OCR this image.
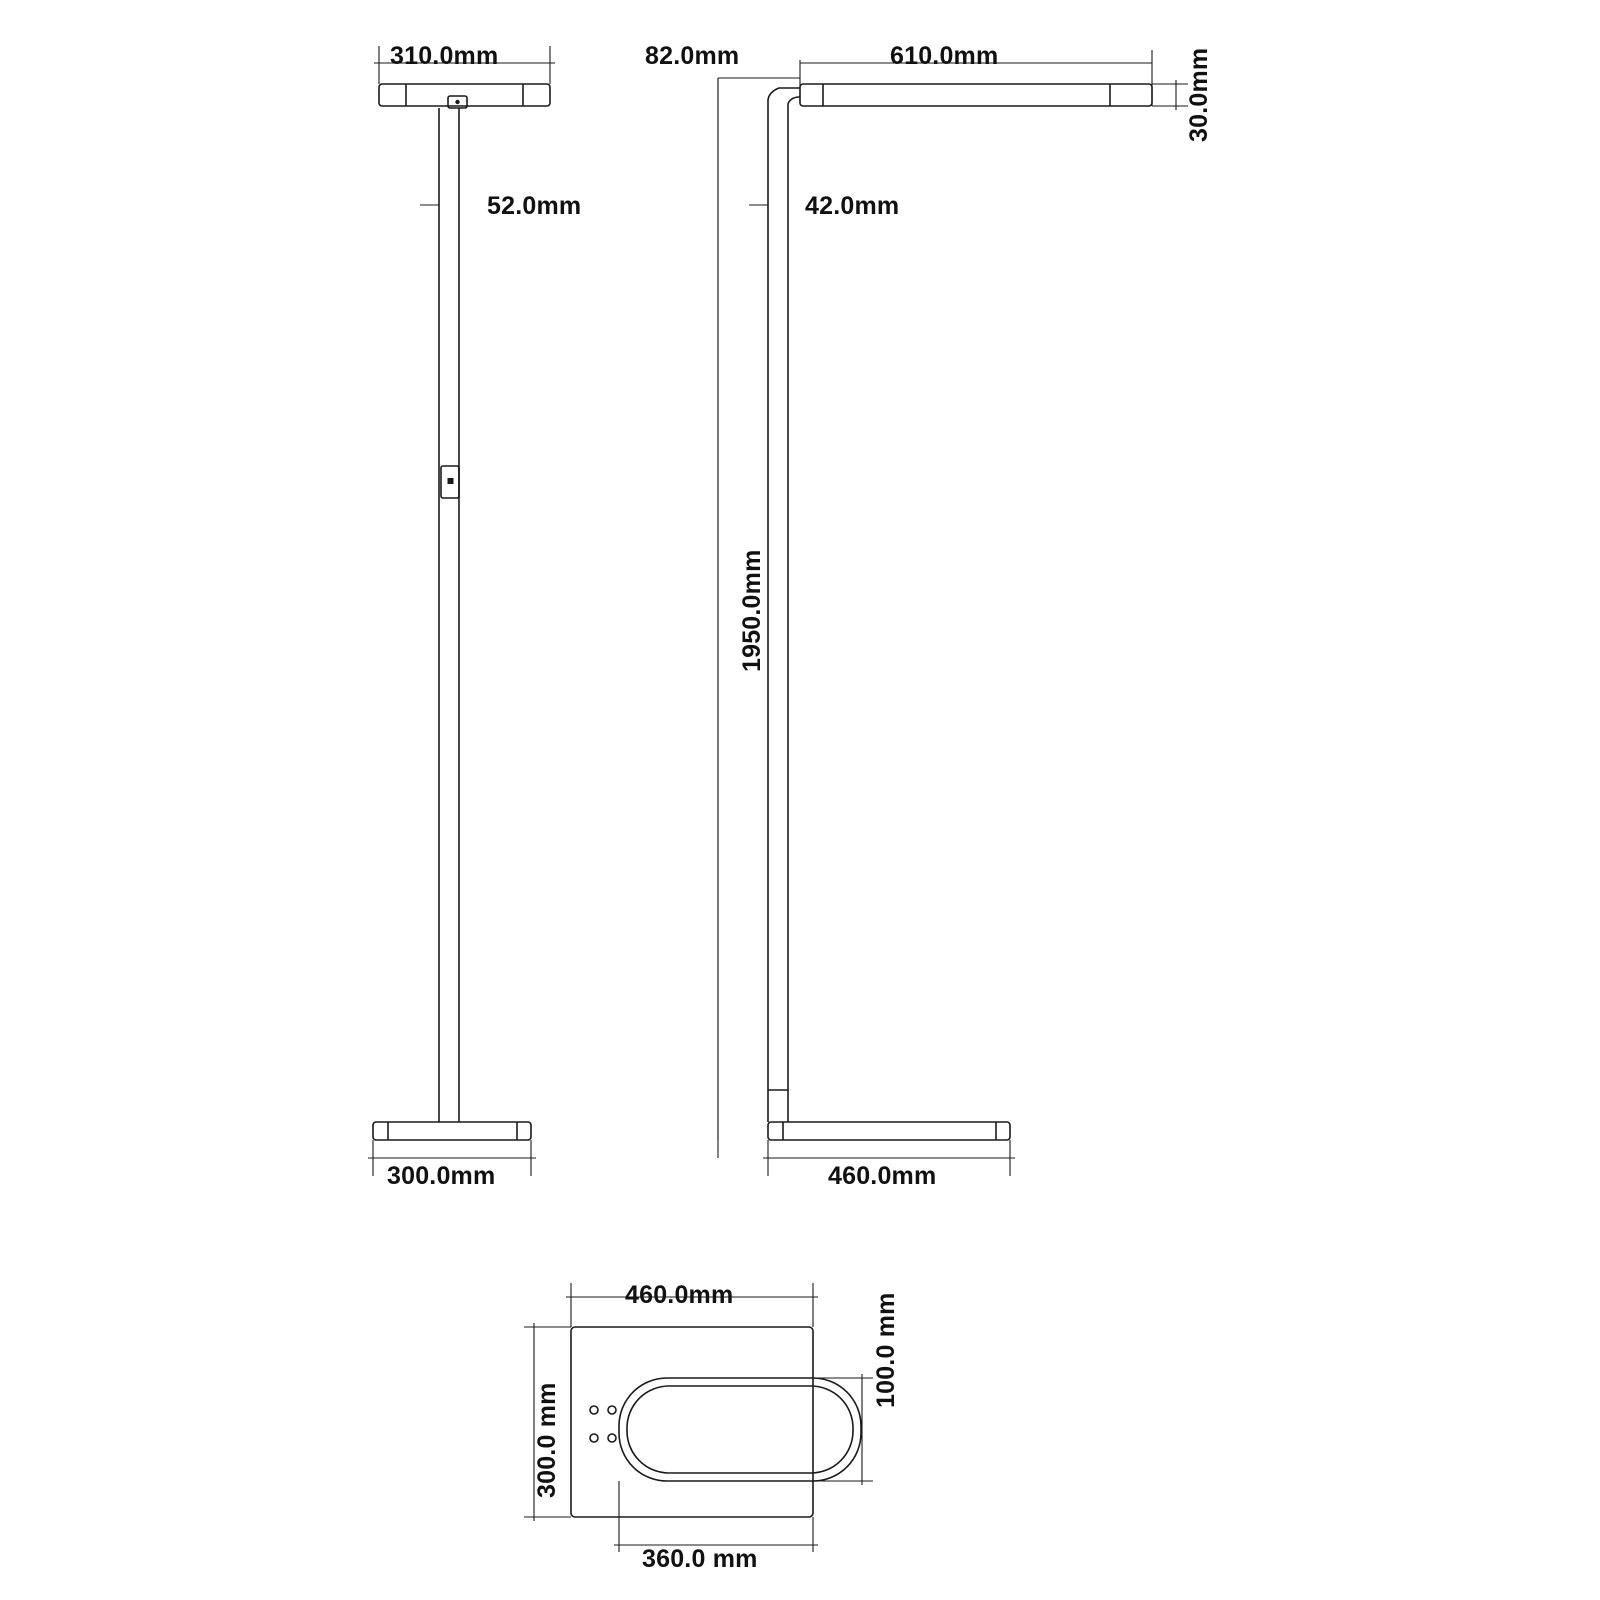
310.0mm
52.0mm
300.0mm
82.0mm	610.0mm	30.0mm
42.0mm
1950.0mm
460.0mm
460.0mm	100.0 mm
300.0 mm
360.0 mm
